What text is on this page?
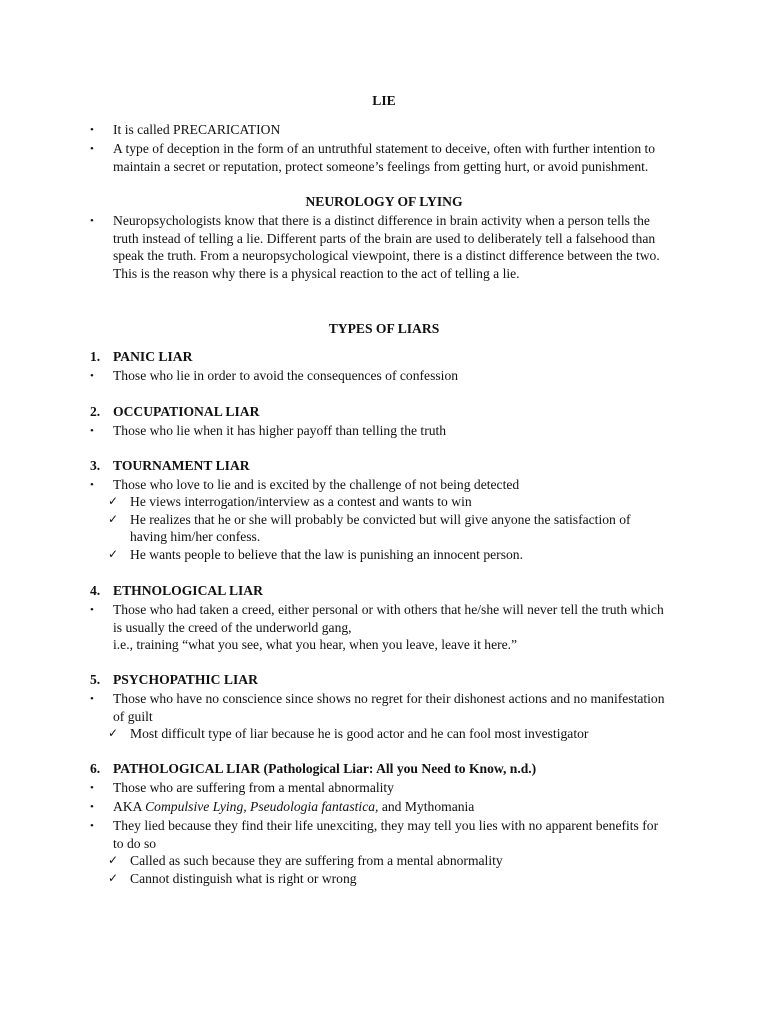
LIE
• It is called PRECARICATION
• A type of deception in the form of an untruthful statement to deceive, often with further intention to
maintain a secret or reputation, protect someone’s feelings from getting hurt, or avoid punishment.
NEUROLOGY OF LYING
• Neuropsychologists know that there is a distinct difference in brain activity when a person tells the
truth instead of telling a lie. Different parts of the brain are used to deliberately tell a falsehood than
speak the truth. From a neuropsychological viewpoint, there is a distinct difference between the two.
This is the reason why there is a physical reaction to the act of telling a lie.
TYPES OF LIARS
1. PANIC LIAR
• Those who lie in order to avoid the consequences of confession
2. OCCUPATIONAL LIAR
• Those who lie when it has higher payoff than telling the truth
3. TOURNAMENT LIAR
• Those who love to lie and is excited by the challenge of not being detected
✓ He views interrogation/interview as a contest and wants to win
✓ He realizes that he or she will probably be convicted but will give anyone the satisfaction of
having him/her confess.
✓ He wants people to believe that the law is punishing an innocent person.
4. ETHNOLOGICAL LIAR
• Those who had taken a creed, either personal or with others that he/she will never tell the truth which
is usually the creed of the underworld gang,
i.e., training “what you see, what you hear, when you leave, leave it here.”
5. PSYCHOPATHIC LIAR
• Those who have no conscience since shows no regret for their dishonest actions and no manifestation
of guilt
✓ Most difficult type of liar because he is good actor and he can fool most investigator
6. PATHOLOGICAL LIAR (Pathological Liar: All you Need to Know, n.d.)
• Those who are suffering from a mental abnormality
• AKA Compulsive Lying, Pseudologia fantastica, and Mythomania
• They lied because they find their life unexciting, they may tell you lies with no apparent benefits for
to do so
✓ Called as such because they are suffering from a mental abnormality
✓ Cannot distinguish what is right or wrong
